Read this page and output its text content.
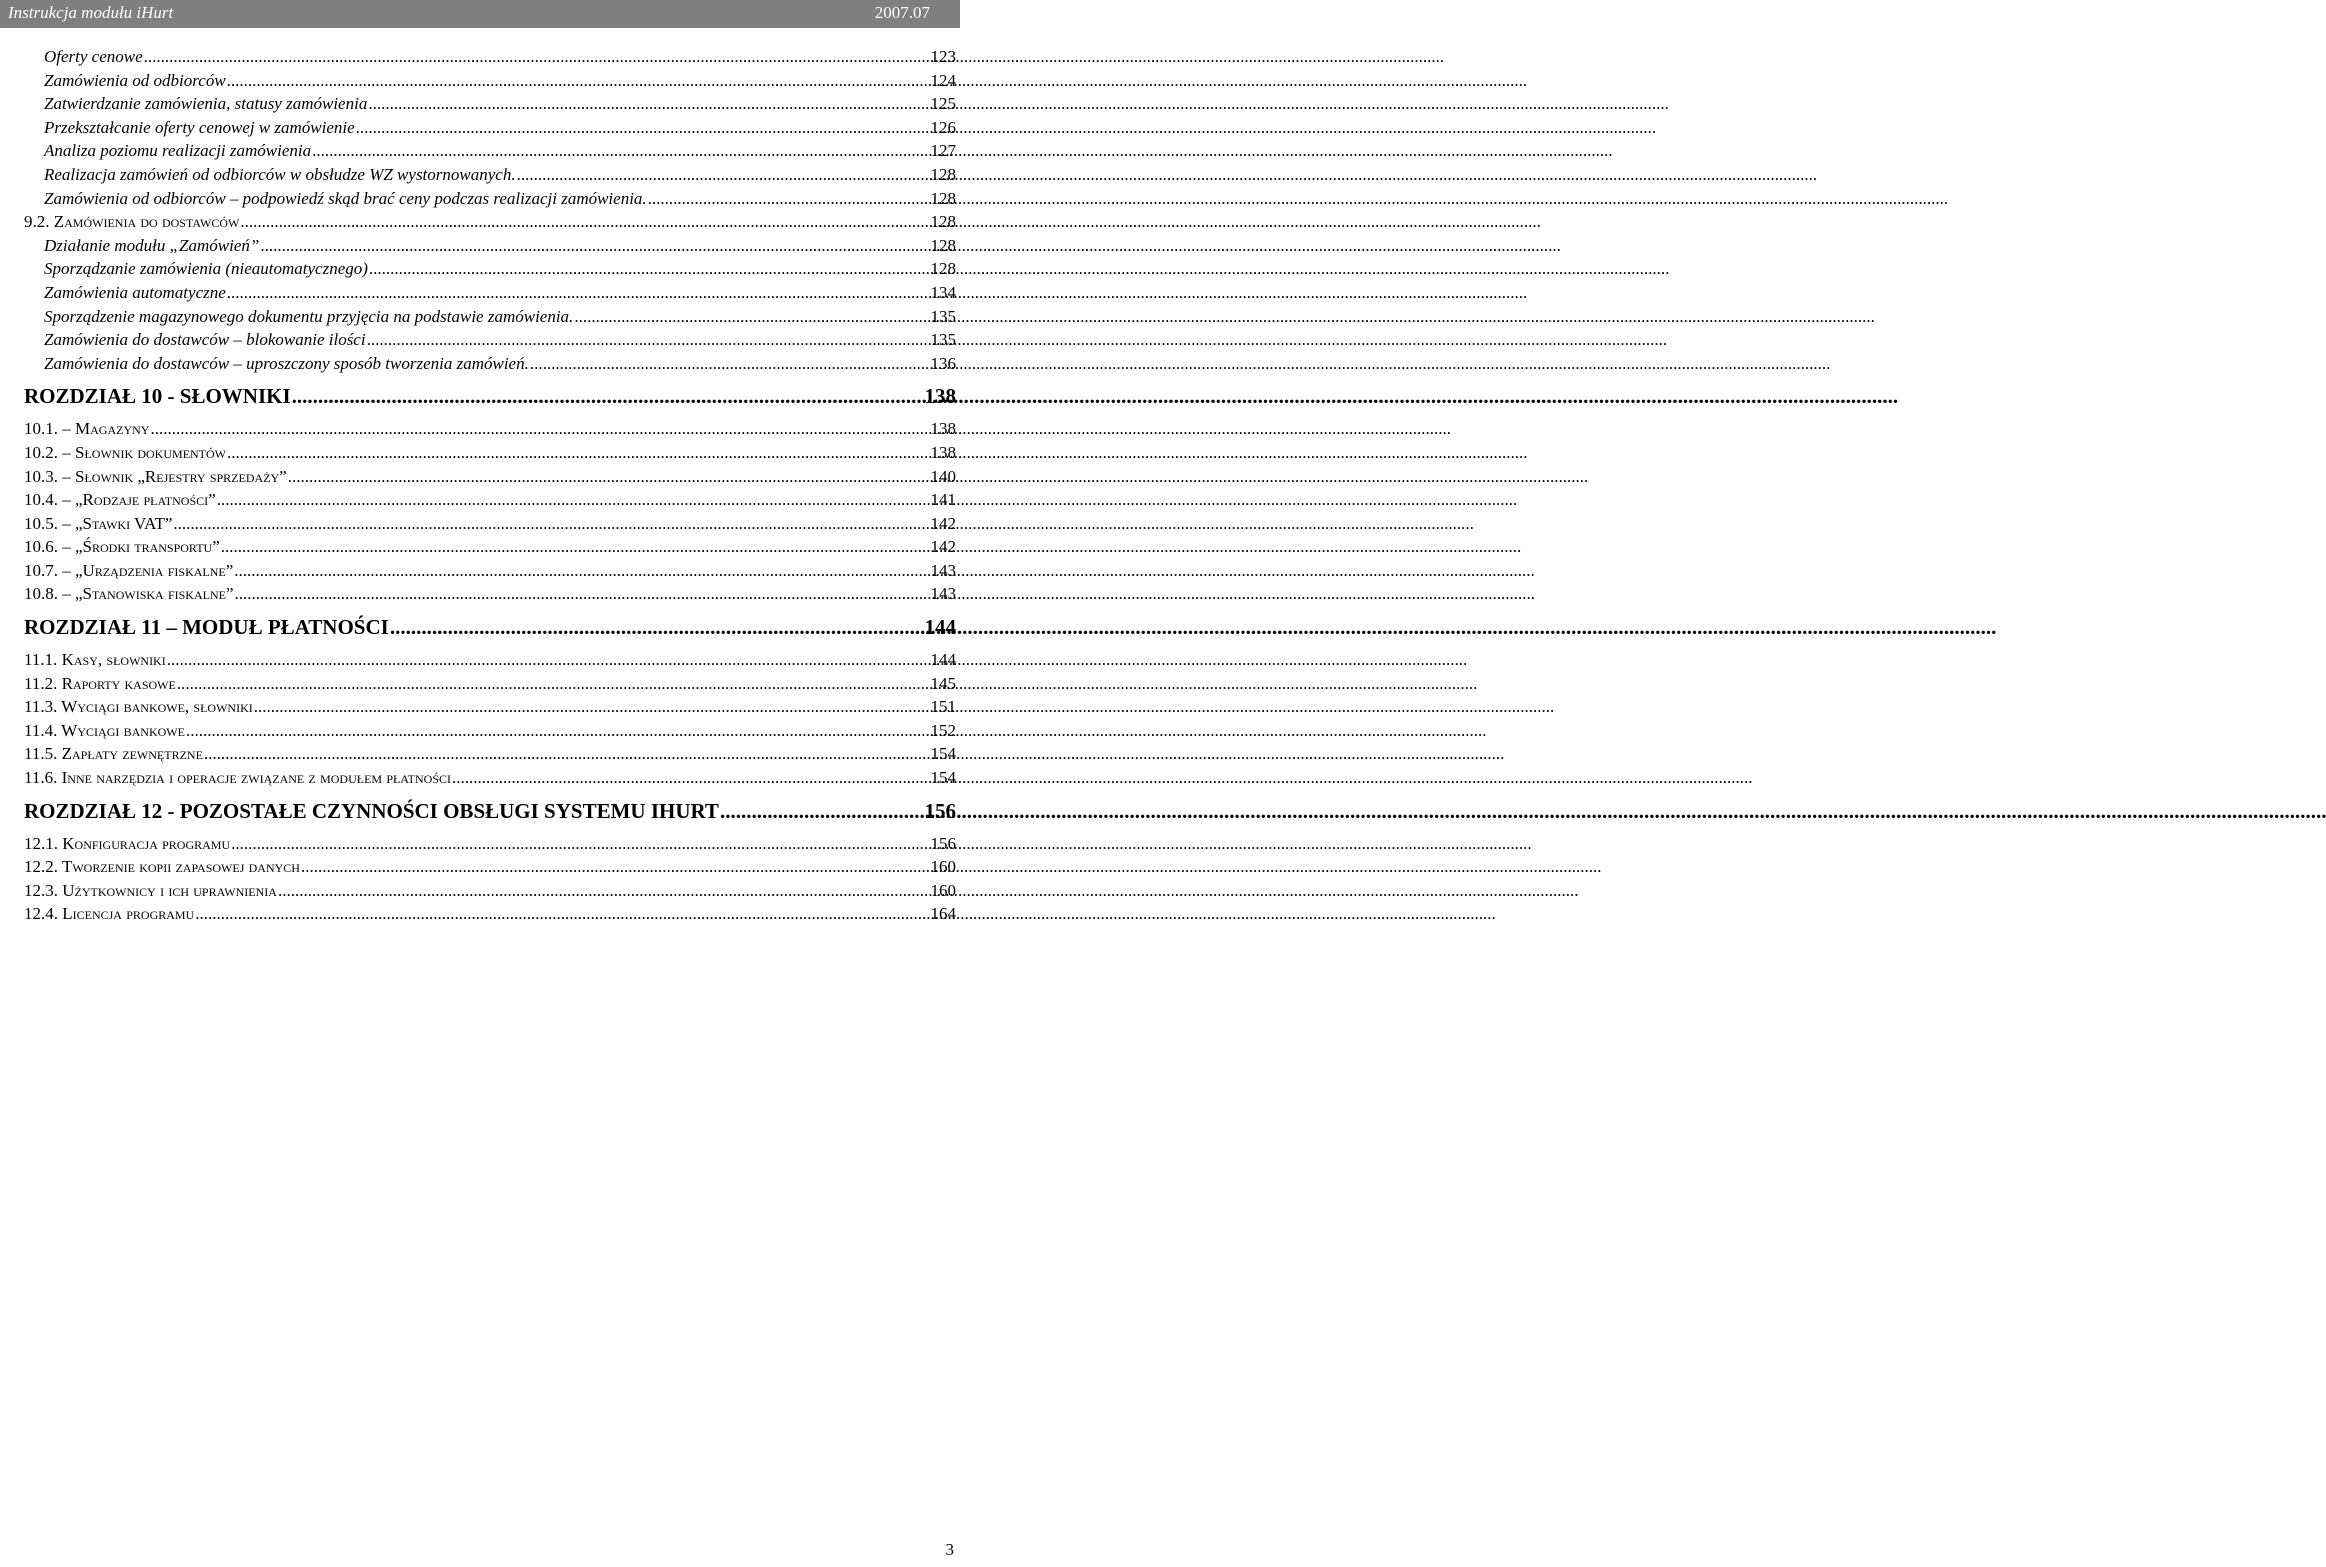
Instrukcja modułu iHurt	2007.07
Oferty cenowe .....	123
Zamówienia od odbiorców .....	124
Zatwierdzanie zamówienia, statusy zamówienia .....	125
Przekształcanie oferty cenowej w zamówienie .....	126
Analiza poziomu realizacji zamówienia .....	127
Realizacja zamówień od odbiorców w obsłudze WZ wystornowanych. .....	128
Zamówienia od odbiorców – podpowiedź skąd brać ceny podczas realizacji zamówienia. .....	128
9.2. Zamówienia do dostawców .....	128
Działanie modułu „Zamówień” .....	128
Sporządzanie zamówienia (nieautomatycznego) .....	128
Zamówienia automatyczne .....	134
Sporządzenie magazynowego dokumentu przyjęcia na podstawie zamówienia. .....	135
Zamówienia do dostawców – blokowanie ilości .....	135
Zamówienia do dostawców – uproszczony sposób tworzenia zamówień. .....	136
ROZDZIAŁ 10 - SŁOWNIKI .....	138
10.1. – Magazyny .....	138
10.2. – Słownik dokumentów .....	138
10.3. – Słownik „Rejestry sprzedaży” .....	140
10.4. – „Rodzaje płatności” .....	141
10.5. – „Stawki VAT” .....	142
10.6. – „Środki transportu” .....	142
10.7. – „Urządzenia fiskalne” .....	143
10.8. – „Stanowiska fiskalne” .....	143
ROZDZIAŁ 11 – MODUŁ PŁATNOŚCI .....	144
11.1. Kasy, słowniki .....	144
11.2. Raporty kasowe .....	145
11.3. Wyciągi bankowe, słowniki .....	151
11.4. Wyciągi bankowe .....	152
11.5. Zapłaty zewnętrzne .....	154
11.6. Inne narzędzia i operacje związane z modułem płatności .....	154
ROZDZIAŁ 12 - POZOSTAŁE CZYNNOŚCI OBSŁUGI SYSTEMU IHURT .....	156
12.1. Konfiguracja programu .....	156
12.2. Tworzenie kopii zapasowej danych .....	160
12.3. Użytkownicy i ich uprawnienia .....	160
12.4. Licencja programu .....	164
3
